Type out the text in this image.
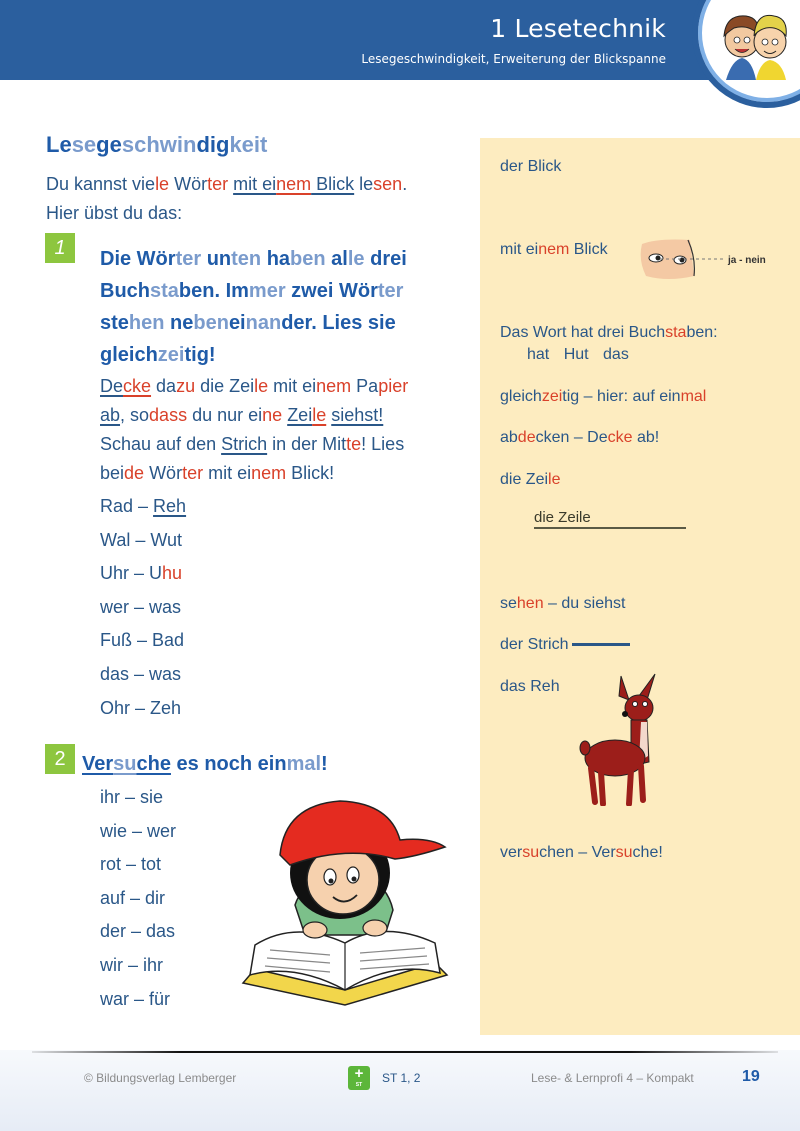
1 Lesetechnik
Lesegeschwindigkeit, Erweiterung der Blickspanne
Lesegeschwindigkeit
Du kannst viele Wörter mit einem Blick lesen.
Hier übst du das:
1	Die Wörter unten haben alle drei
Buchstaben. Immer zwei Wörter
stehen nebeneinander. Lies sie
gleichzeitig!
Decke dazu die Zeile mit einem Papier
ab, sodass du nur eine Zeile siehst!
Schau auf den Strich in der Mitte! Lies
beide Wörter mit einem Blick!
Rad – Reh
Wal – Wut
Uhr – Uhu
wer – was
Fuß – Bad
das – was
Ohr – Zeh
2 Versuche es noch einmal!
ihr – sie
wie – wer
rot – tot
auf – dir
der – das
wir – ihr
war – für
der Blick
mit einem Blick
ja - nein
Das Wort hat drei Buchstaben:
hat Hut das
gleichzeitig – hier: auf einmal
abdecken – Decke ab!
die Zeile
die Zeile
sehen – du siehst
der Strich
das Reh
versuchen – Versuche!
© Bildungsverlag Lemberger	+
ST	ST 1, 2	Lese- & Lernprofi 4 – Kompakt	19
